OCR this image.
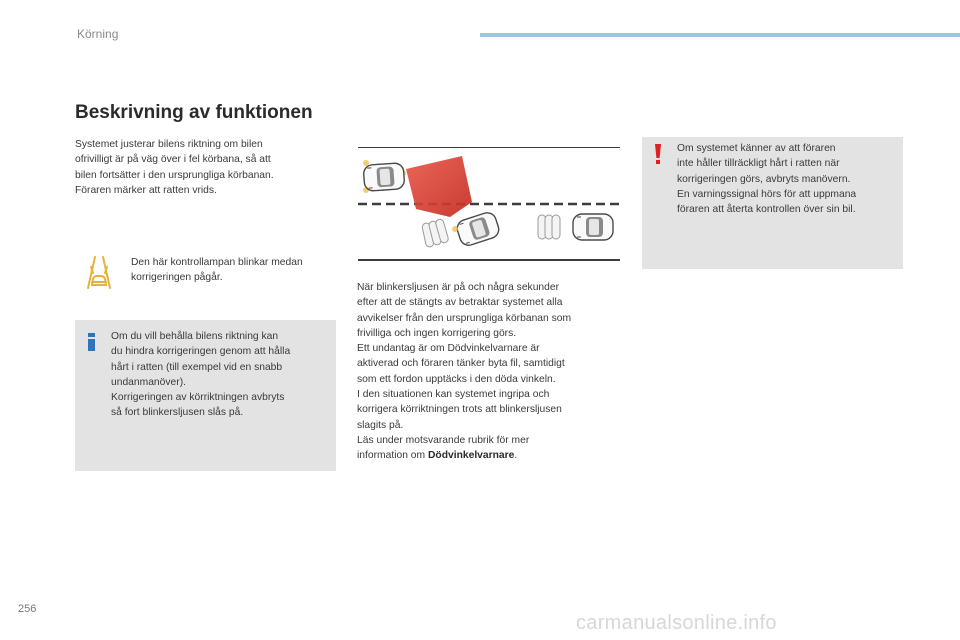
Körning
Beskrivning av funktionen
Systemet justerar bilens riktning om bilen
ofrivilligt är på väg över i fel körbana, så att
bilen fortsätter i den ursprungliga körbanan.
Föraren märker att ratten vrids.
Den här kontrollampan blinkar medan
korrigeringen pågår.
Om du vill behålla bilens riktning kan
du hindra korrigeringen genom att hålla
hårt i ratten (till exempel vid en snabb
undanmanöver).
Korrigeringen av körriktningen avbryts
så fort blinkersljusen slås på.
När blinkersljusen är på och några sekunder
efter att de stängts av betraktar systemet alla
avvikelser från den ursprungliga körbanan som
frivilliga och ingen korrigering görs.
Ett undantag är om Dödvinkelvarnare är
aktiverad och föraren tänker byta fil, samtidigt
som ett fordon upptäcks i den döda vinkeln.
I den situationen kan systemet ingripa och
korrigera körriktningen trots att blinkersljusen
slagits på.
Läs under motsvarande rubrik för mer
information om Dödvinkelvarnare.
Om systemet känner av att föraren
inte håller tillräckligt hårt i ratten när
korrigeringen görs, avbryts manövern.
En varningssignal hörs för att uppmana
föraren att återta kontrollen över sin bil.
256
carmanualsonline.info
